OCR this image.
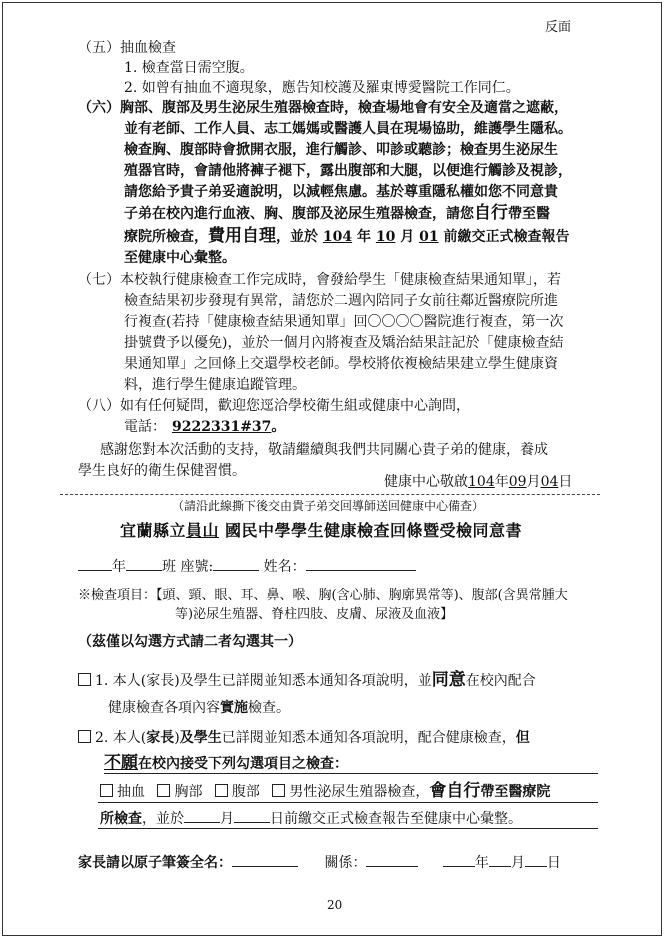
反面
（五）抽血檢查
1. 檢查當日需空腹。
2. 如曾有抽血不適現象，應告知校護及羅東博愛醫院工作同仁。
（六）胸部、腹部及男生泌尿生殖器檢查時，檢查場地會有安全及適當之遮蔽，
並有老師、工作人員、志工媽媽或醫護人員在現場協助，維護學生隱私。
檢查胸、腹部時會掀開衣服，進行觸診、叩診或聽診；檢查男生泌尿生
殖器官時，會請他將褲子褪下，露出腹部和大腿，以便進行觸診及視診，
請您給予貴子弟妥適說明，以減輕焦慮。基於尊重隱私權如您不同意貴
子弟在校內進行血液、胸、腹部及泌尿生殖器檢查，請您自行帶至醫
療院所檢查，費用自理，並於 104 年 10 月 01 前繳交正式檢查報告
至健康中心彙整。
（七）本校執行健康檢查工作完成時，會發給學生「健康檢查結果通知單」，若
檢查結果初步發現有異常，請您於二週內陪同子女前往鄰近醫療院所進
行複查(若持「健康檢查結果通知單」回〇〇〇〇醫院進行複查，第一次
掛號費予以優免)，並於一個月內將複查及矯治結果註記於「健康檢查結
果通知單」之回條上交還學校老師。學校將依複檢結果建立學生健康資
料，進行學生健康追蹤管理。
（八）如有任何疑問，歡迎您逕洽學校衛生組或健康中心詢問，
電話： 9222331#37。
感謝您對本次活動的支持，敬請繼續與我們共同關心貴子弟的健康，養成
學生良好的衛生保健習慣。
健康中心敬啟104年09月04日
（請沿此線撕下後交由貴子弟交回導師送回健康中心備查）
宜蘭縣立員山 國民中學學生健康檢查回條暨受檢同意書
年	班 座號:	姓名：
※檢查項目：【頭、頸、眼、耳、鼻、喉、胸(含心肺、胸廓異常等)、腹部(含異常腫大
等)泌尿生殖器、脊柱四肢、皮膚、尿液及血液】
（茲僅以勾選方式請二者勾選其一）
1. 本人(家長)及學生已詳閱並知悉本通知各項說明，並同意在校內配合
健康檢查各項內容實施檢查。
2. 本人(家長)及學生已詳閱並知悉本通知各項說明，配合健康檢查，但
不願在校內接受下列勾選項目之檢查：
抽血 胸部 腹部 男性泌尿生殖器檢查，會自行帶至醫療院
所檢查，並於	月	日前繳交正式檢查報告至健康中心彙整。
家長請以原子筆簽全名：	關係：	年 月 日
20
